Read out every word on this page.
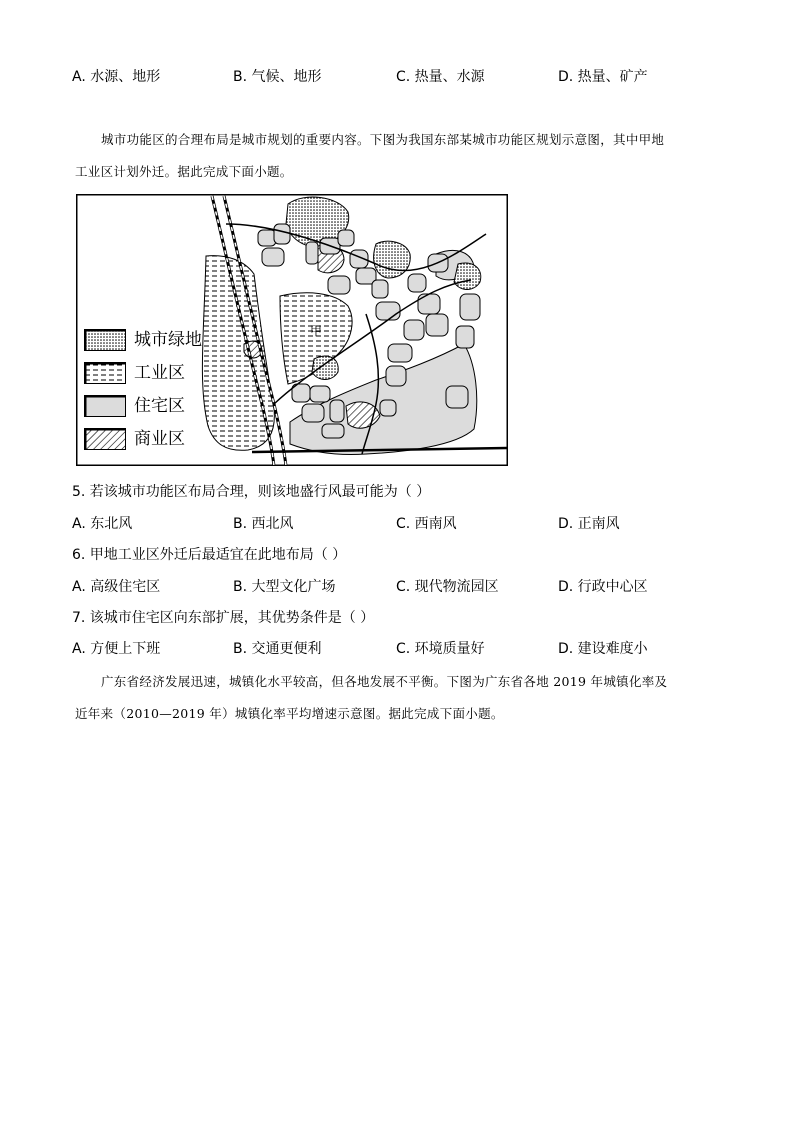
A. 水源、地形	B. 气候、地形	C. 热量、水源	D. 热量、矿产
城市功能区的合理布局是城市规划的重要内容。下图为我国东部某城市功能区规划示意图，其中甲地
工业区计划外迁。据此完成下面小题。
甲
城市绿地
工业区
住宅区
商业区
5. 若该城市功能区布局合理，则该地盛行风最可能为（ ）
A. 东北风	B. 西北风	C. 西南风	D. 正南风
6. 甲地工业区外迁后最适宜在此地布局（ ）
A. 高级住宅区	B. 大型文化广场	C. 现代物流园区	D. 行政中心区
7. 该城市住宅区向东部扩展，其优势条件是（ ）
A. 方便上下班	B. 交通更便利	C. 环境质量好	D. 建设难度小
广东省经济发展迅速，城镇化水平较高，但各地发展不平衡。下图为广东省各地 2019 年城镇化率及
近年来（2010—2019 年）城镇化率平均增速示意图。据此完成下面小题。
